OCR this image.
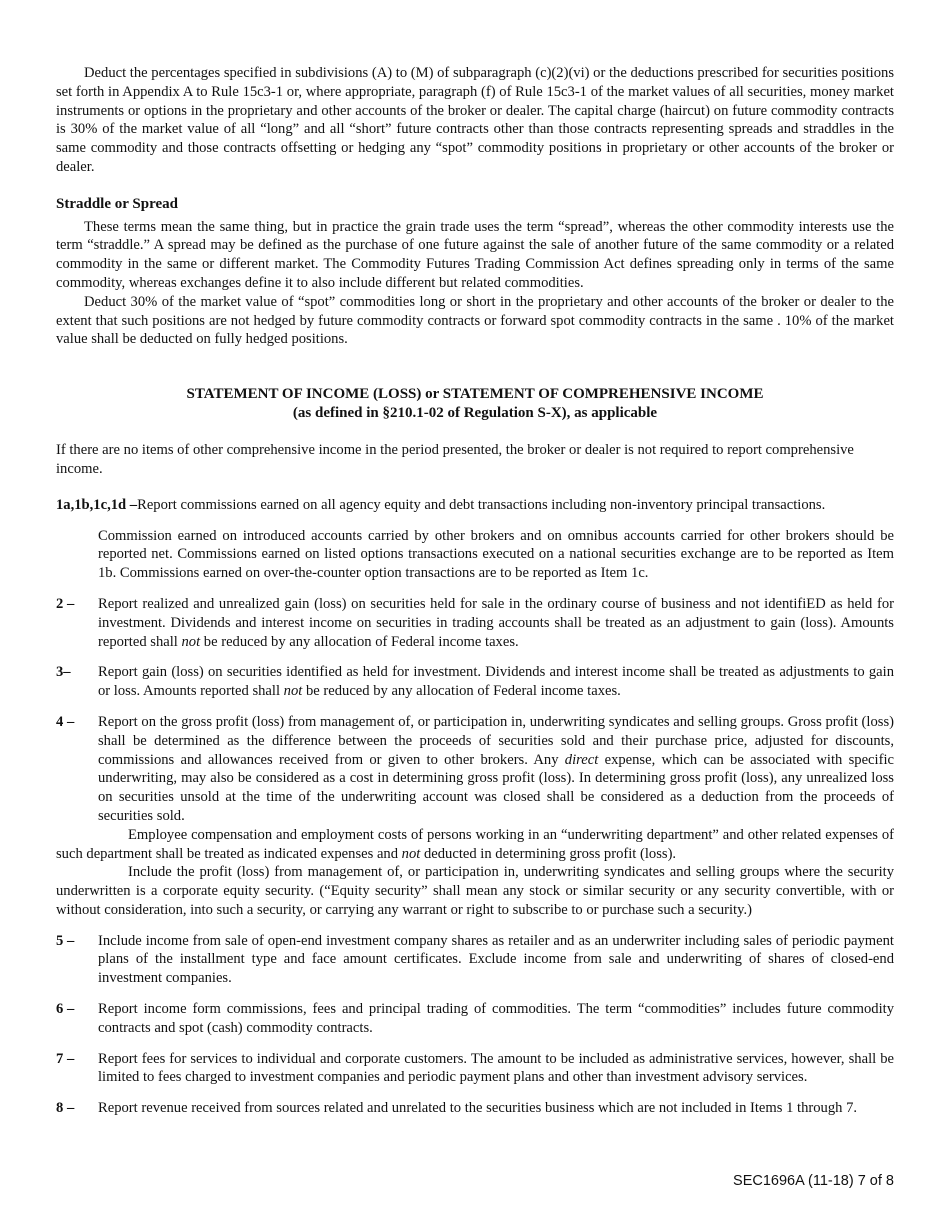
Deduct the percentages specified in subdivisions (A) to (M) of subparagraph (c)(2)(vi) or the deductions prescribed for securities positions set forth in Appendix A to Rule 15c3-1 or, where appropriate, paragraph (f) of Rule 15c3-1 of the market values of all securities, money market instruments or options in the proprietary and other accounts of the broker or dealer. The capital charge (haircut) on future commodity contracts is 30% of the market value of all “long” and all “short” future contracts other than those contracts representing spreads and straddles in the same commodity and those contracts offsetting or hedging any “spot” commodity positions in proprietary or other accounts of the broker or dealer.

Straddle or Spread

These terms mean the same thing, but in practice the grain trade uses the term “spread”, whereas the other commodity interests use the term “straddle.” A spread may be defined as the purchase of one future against the sale of another future of the same commodity or a related commodity in the same or different market. The Commodity Futures Trading Commission Act defines spreading only in terms of the same commodity, whereas exchanges define it to also include different but related commodities.

Deduct 30% of the market value of “spot” commodities long or short in the proprietary and other accounts of the broker or dealer to the extent that such positions are not hedged by future commodity contracts or forward spot commodity contracts in the same . 10% of the market value shall be deducted on fully hedged positions.

STATEMENT OF INCOME (LOSS) or STATEMENT OF COMPREHENSIVE INCOME
(as defined in §210.1-02 of Regulation S-X), as applicable

If there are no items of other comprehensive income in the period presented, the broker or dealer is not required to report comprehensive income.

1a,1b,1c,1d –Report commissions earned on all agency equity and debt transactions including non-inventory principal transactions.

Commission earned on introduced accounts carried by other brokers and on omnibus accounts carried for other brokers should be reported net. Commissions earned on listed options transactions executed on a national securities exchange are to be reported as Item 1b. Commissions earned on over-the-counter option transactions are to be reported as Item 1c.

2 –	Report realized and unrealized gain (loss) on securities held for sale in the ordinary course of business and not identifiED as held for investment. Dividends and interest income on securities in trading accounts shall be treated as an adjustment to gain (loss). Amounts reported shall not be reduced by any allocation of Federal income taxes.

3–	Report gain (loss) on securities identified as held for investment. Dividends and interest income shall be treated as adjustments to gain or loss. Amounts reported shall not be reduced by any allocation of Federal income taxes.

4 –	Report on the gross profit (loss) from management of, or participation in, underwriting syndicates and selling groups. Gross profit (loss) shall be determined as the difference between the proceeds of securities sold and their purchase price, adjusted for discounts, commissions and allowances received from or given to other brokers. Any direct expense, which can be associated with specific underwriting, may also be considered as a cost in determining gross profit (loss). In determining gross profit (loss), any unrealized loss on securities unsold at the time of the underwriting account was closed shall be considered as a deduction from the proceeds of securities sold.

Employee compensation and employment costs of persons working in an “underwriting department” and other related expenses of such department shall be treated as indicated expenses and not deducted in determining gross profit (loss).

Include the profit (loss) from management of, or participation in, underwriting syndicates and selling groups where the security underwritten is a corporate equity security. (“Equity security” shall mean any stock or similar security or any security convertible, with or without consideration, into such a security, or carrying any warrant or right to subscribe to or purchase such a security.)

5 –	Include income from sale of open-end investment company shares as retailer and as an underwriter including sales of periodic payment plans of the installment type and face amount certificates. Exclude income from sale and underwriting of shares of closed-end investment companies.

6 –	Report income form commissions, fees and principal trading of commodities. The term “commodities” includes future commodity contracts and spot (cash) commodity contracts.

7 –	Report fees for services to individual and corporate customers. The amount to be included as administrative services, however, shall be limited to fees charged to investment companies and periodic payment plans and other than investment advisory services.

8 –	Report revenue received from sources related and unrelated to the securities business which are not included in Items 1 through 7.

SEC1696A (11-18) 7 of 8
